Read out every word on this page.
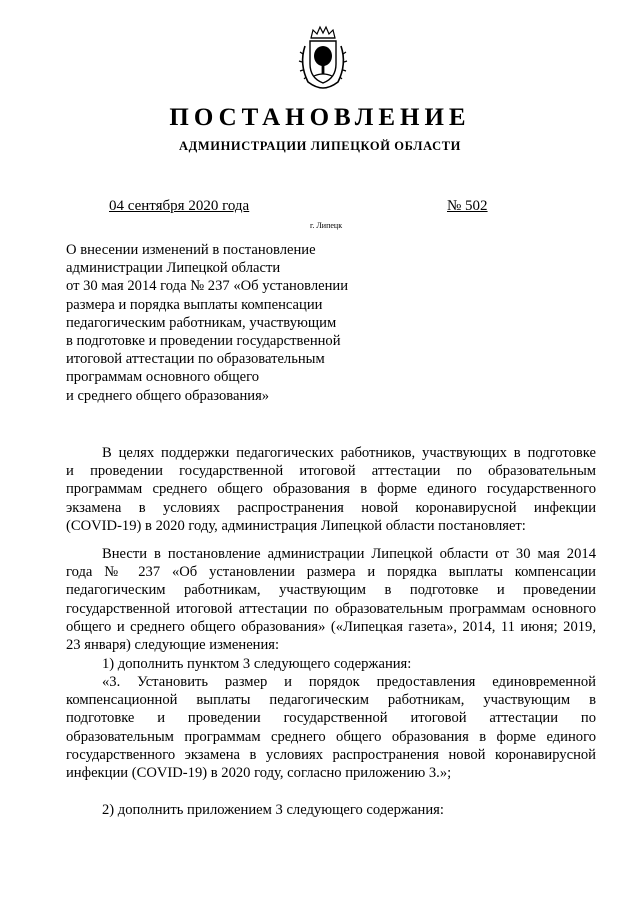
ПОСТАНОВЛЕНИЕ
АДМИНИСТРАЦИИ ЛИПЕЦКОЙ ОБЛАСТИ
04 сентября 2020 года	№ 502
г. Липецк
О внесении изменений в постановление
администрации Липецкой области
от 30 мая 2014 года № 237 «Об установлении
размера и порядка выплаты компенсации
педагогическим работникам, участвующим
в подготовке и проведении государственной
итоговой аттестации по образовательным
программам основного общего
и среднего общего образования»
В целях поддержки педагогических работников, участвующих в подготовке
и проведении государственной итоговой аттестации по образовательным
программам среднего общего образования в форме единого государственного
экзамена в условиях распространения новой коронавирусной инфекции
(COVID-19) в 2020 году, администрация Липецкой области постановляет:
Внести в постановление администрации Липецкой области от 30 мая 2014
года № 237 «Об установлении размера и порядка выплаты компенсации
педагогическим работникам, участвующим в подготовке и проведении
государственной итоговой аттестации по образовательным программам основного
общего и среднего общего образования» («Липецкая газета», 2014, 11 июня; 2019,
23 января) следующие изменения:
1) дополнить пунктом 3 следующего содержания:
«3. Установить размер и порядок предоставления единовременной
компенсационной выплаты педагогическим работникам, участвующим в
подготовке и проведении государственной итоговой аттестации по
образовательным программам среднего общего образования в форме единого
государственного экзамена в условиях распространения новой коронавирусной
инфекции (COVID-19) в 2020 году, согласно приложению 3.»;
2) дополнить приложением 3 следующего содержания:
